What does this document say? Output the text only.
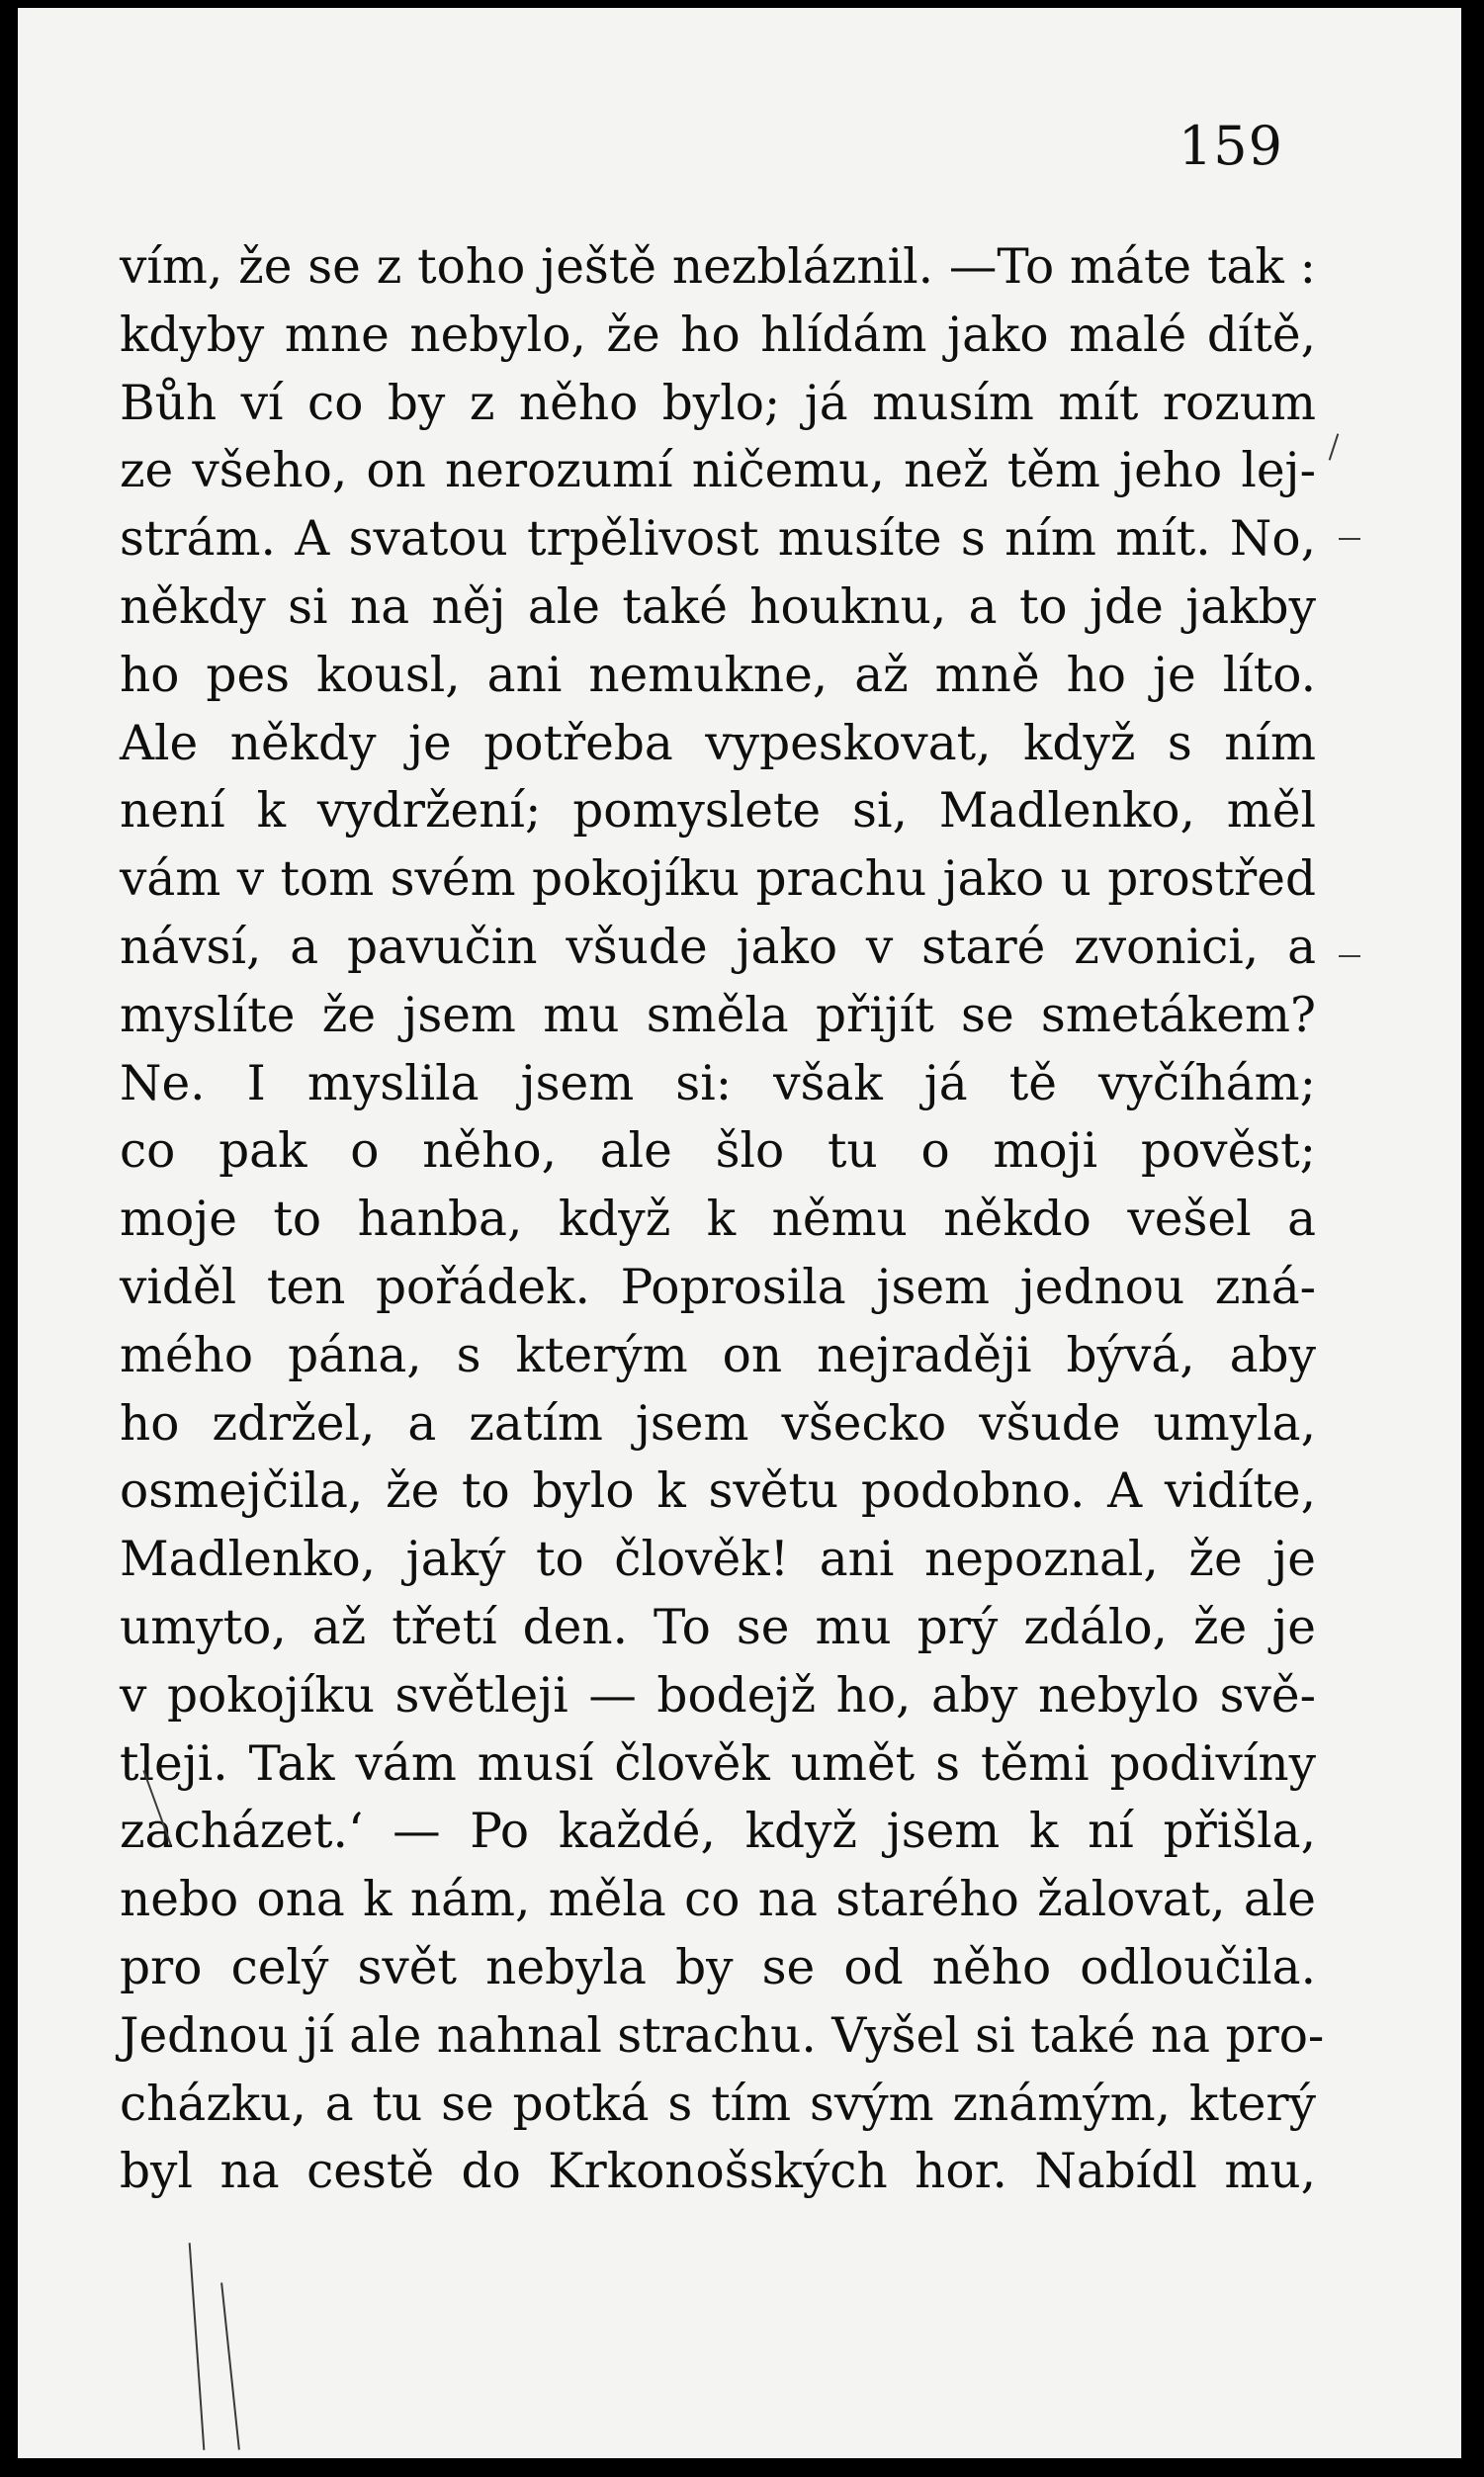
159
vím, že se z toho ještě nezbláznil. —To máte tak :
kdyby mne nebylo, že ho hlídám jako malé dítě,
Bůh ví co by z něho bylo; já musím mít rozum
ze všeho, on nerozumí ničemu, než těm jeho lej-
strám. A svatou trpělivost musíte s ním mít. No,
někdy si na něj ale také houknu, a to jde jakby
ho pes kousl, ani nemukne, až mně ho je líto.
Ale někdy je potřeba vypeskovat, když s ním
není k vydržení; pomyslete si, Madlenko, měl
vám v tom svém pokojíku prachu jako u prostřed
návsí, a pavučin všude jako v staré zvonici, a
myslíte že jsem mu směla přijít se smetákem?
Ne. I myslila jsem si: však já tě vyčíhám;
co pak o něho, ale šlo tu o moji pověst;
moje to hanba, když k němu někdo vešel a
viděl ten pořádek. Poprosila jsem jednou zná-
mého pána, s kterým on nejraději bývá, aby
ho zdržel, a zatím jsem všecko všude umyla,
osmejčila, že to bylo k světu podobno. A vidíte,
Madlenko, jaký to člověk! ani nepoznal, že je
umyto, až třetí den. To se mu prý zdálo, že je
v pokojíku světleji — bodejž ho, aby nebylo svě-
tleji. Tak vám musí člověk umět s těmi podivíny
zacházet.‘ — Po každé, když jsem k ní přišla,
nebo ona k nám, měla co na starého žalovat, ale
pro celý svět nebyla by se od něho odloučila.
Jednou jí ale nahnal strachu. Vyšel si také na pro-
cházku, a tu se potká s tím svým známým, který
byl na cestě do Krkonošských hor. Nabídl mu,
